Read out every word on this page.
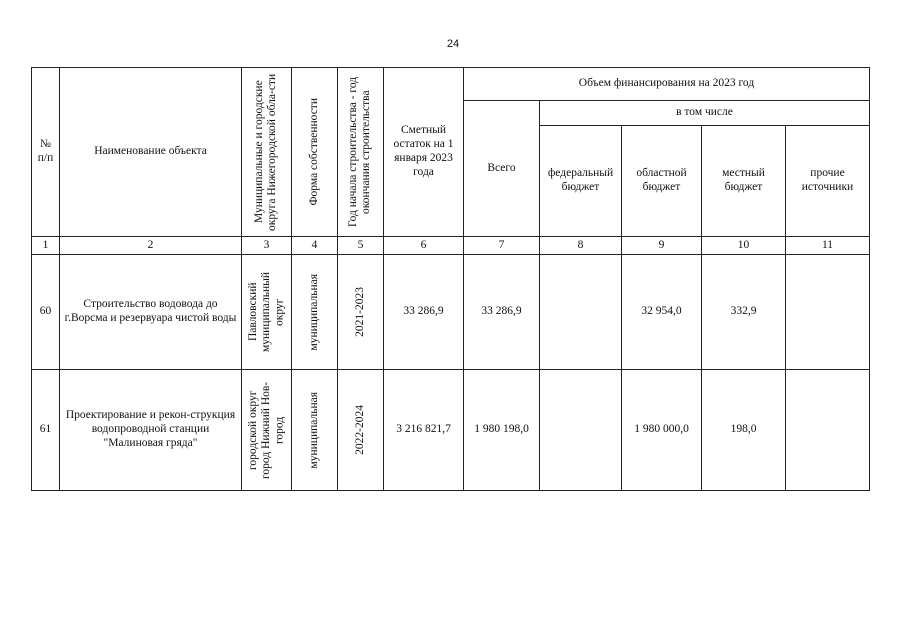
24
№ п/п	Наименование объекта	Муниципальные и городские округа Нижегородской обла-сти	Форма собственности	Год начала строительства - год окончания строительства	Сметный остаток на 1 января 2023 года	Объем финансирования на 2023 год				
						Всего	в том числе			
							федеральный бюджет	областной бюджет	местный бюджет	прочие источники
1	2	3	4	5	6	7	8	9	10	11
60	Строительство водовода до г.Ворсма и резервуара чистой воды	Павловский муниципальный округ	муниципальная	2021-2023	33 286,9	33 286,9		32 954,0	332,9	
61	Проектирование и рекон-струкция водопроводной станции "Малиновая гряда"	городской округ город Нижний Нов-город	муниципальная	2022-2024	3 216 821,7	1 980 198,0		1 980 000,0	198,0	
